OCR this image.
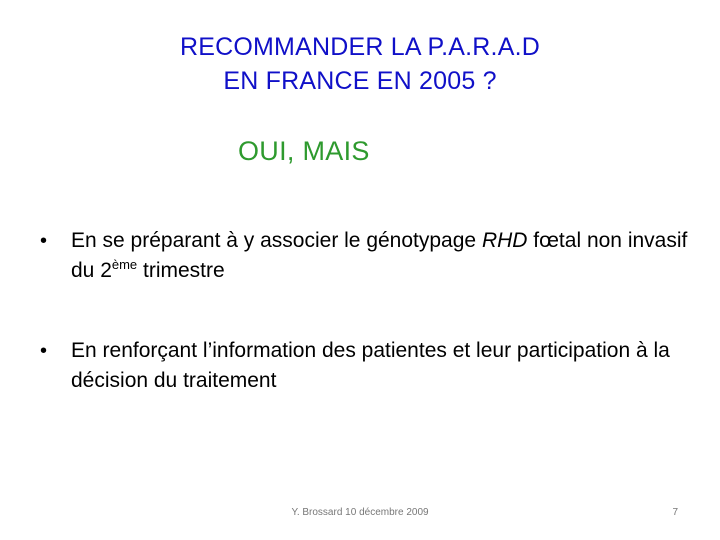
RECOMMANDER LA P.A.R.A.D
EN FRANCE EN 2005 ?
OUI, MAIS
•	En se préparant à y associer le génotypage RHD fœtal non invasif du 2ème trimestre
•	En renforçant l’information des patientes et leur participation à la décision du traitement
Y. Brossard 10 décembre 2009	7
